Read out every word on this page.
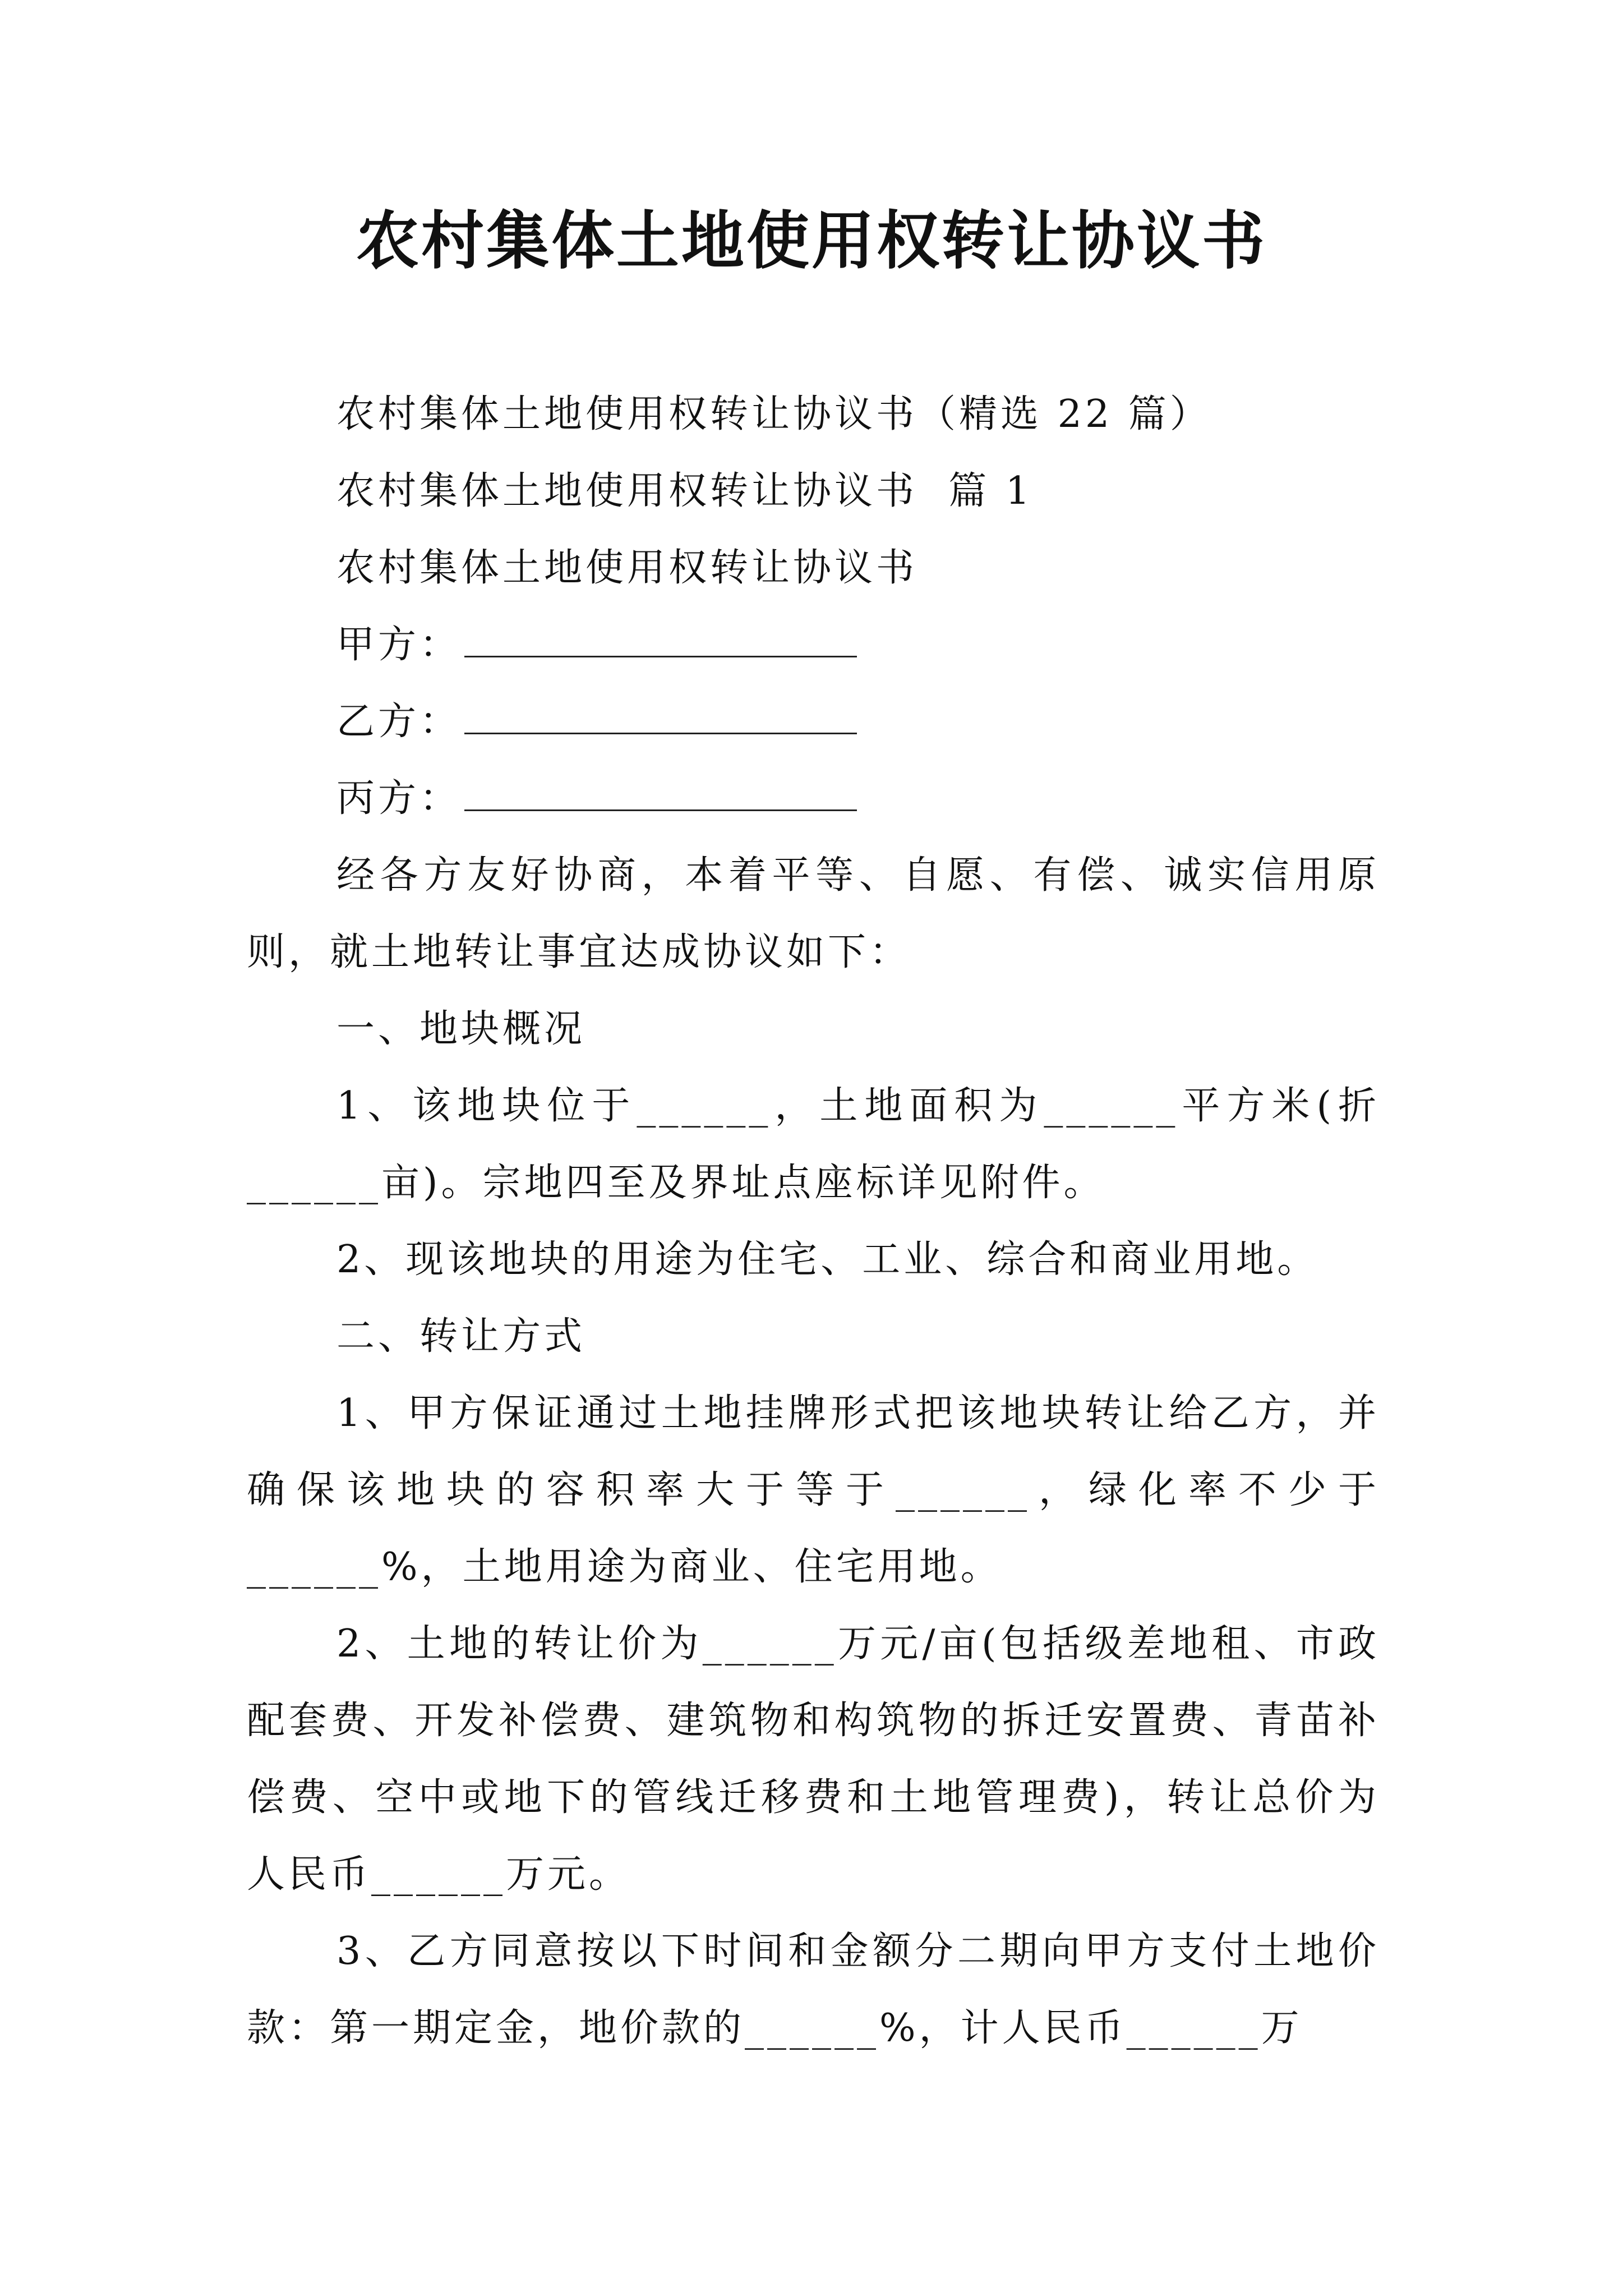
农村集体土地使用权转让协议书

农村集体土地使用权转让协议书（精选 22 篇）

农村集体土地使用权转让协议书  篇 1

农村集体土地使用权转让协议书

甲方：

乙方：

丙方：

经各方友好协商，本着平等、自愿、有偿、诚实信用原则，就土地转让事宜达成协议如下：

一、地块概况

1、该地块位于______，土地面积为______平方米(折______亩)。宗地四至及界址点座标详见附件。

2、现该地块的用途为住宅、工业、综合和商业用地。

二、转让方式

1、甲方保证通过土地挂牌形式把该地块转让给乙方，并确保该地块的容积率大于等于______，绿化率不少于______%，土地用途为商业、住宅用地。

2、土地的转让价为______万元/亩(包括级差地租、市政配套费、开发补偿费、建筑物和构筑物的拆迁安置费、青苗补偿费、空中或地下的管线迁移费和土地管理费)，转让总价为人民币______万元。

3、乙方同意按以下时间和金额分二期向甲方支付土地价款：第一期定金，地价款的______%，计人民币______万
